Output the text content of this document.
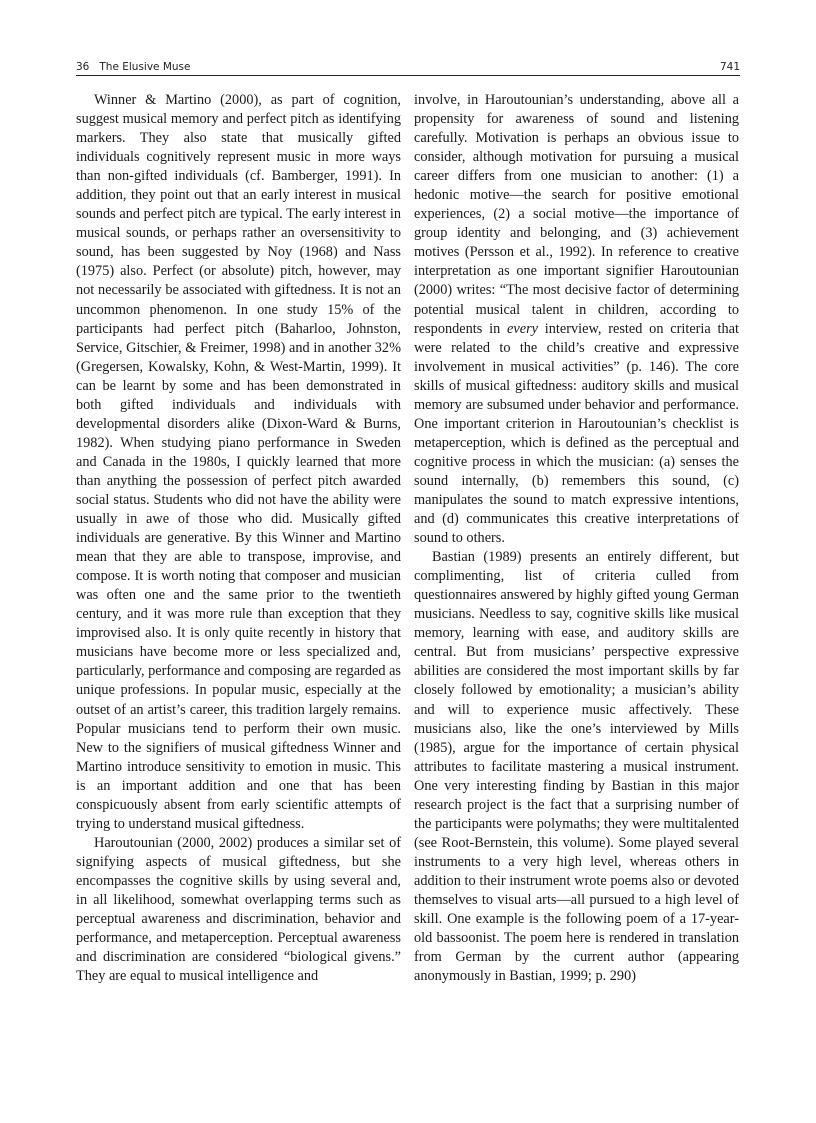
36 The Elusive Muse	741

Winner & Martino (2000), as part of cognition, suggest musical memory and perfect pitch as identifying markers. They also state that musically gifted individuals cognitively represent music in more ways than non-gifted individuals (cf. Bamberger, 1991). In addition, they point out that an early interest in musical sounds and perfect pitch are typical. The early interest in musical sounds, or perhaps rather an oversensitivity to sound, has been suggested by Noy (1968) and Nass (1975) also. Perfect (or absolute) pitch, however, may not necessarily be associated with giftedness. It is not an uncommon phenomenon. In one study 15% of the participants had perfect pitch (Baharloo, Johnston, Service, Gitschier, & Freimer, 1998) and in another 32% (Gregersen, Kowalsky, Kohn, & West-Martin, 1999). It can be learnt by some and has been demonstrated in both gifted individuals and individuals with developmental disorders alike (Dixon-Ward & Burns, 1982). When studying piano performance in Sweden and Canada in the 1980s, I quickly learned that more than anything the possession of perfect pitch awarded social status. Students who did not have the ability were usually in awe of those who did. Musically gifted individuals are generative. By this Winner and Martino mean that they are able to transpose, improvise, and compose. It is worth noting that composer and musician was often one and the same prior to the twentieth century, and it was more rule than exception that they improvised also. It is only quite recently in history that musicians have become more or less specialized and, particularly, performance and composing are regarded as unique professions. In popular music, especially at the outset of an artist’s career, this tradition largely remains. Popular musicians tend to perform their own music. New to the signifiers of musical giftedness Winner and Martino introduce sensitivity to emotion in music. This is an important addition and one that has been conspicuously absent from early scientific attempts of trying to understand musical giftedness.

Haroutounian (2000, 2002) produces a similar set of signifying aspects of musical giftedness, but she encompasses the cognitive skills by using several and, in all likelihood, somewhat overlapping terms such as perceptual awareness and discrimination, behavior and performance, and metaperception. Perceptual awareness and discrimination are considered “biological givens.” They are equal to musical intelligence and

involve, in Haroutounian’s understanding, above all a propensity for awareness of sound and listening carefully. Motivation is perhaps an obvious issue to consider, although motivation for pursuing a musical career differs from one musician to another: (1) a hedonic motive—the search for positive emotional experiences, (2) a social motive—the importance of group identity and belonging, and (3) achievement motives (Persson et al., 1992). In reference to creative interpretation as one important signifier Haroutounian (2000) writes: “The most decisive factor of determining potential musical talent in children, according to respondents in every interview, rested on criteria that were related to the child’s creative and expressive involvement in musical activities” (p. 146). The core skills of musical giftedness: auditory skills and musical memory are subsumed under behavior and performance. One important criterion in Haroutounian’s checklist is metaperception, which is defined as the perceptual and cognitive process in which the musician: (a) senses the sound internally, (b) remembers this sound, (c) manipulates the sound to match expressive intentions, and (d) communicates this creative interpretations of sound to others.

Bastian (1989) presents an entirely different, but complimenting, list of criteria culled from questionnaires answered by highly gifted young German musicians. Needless to say, cognitive skills like musical memory, learning with ease, and auditory skills are central. But from musicians’ perspective expressive abilities are considered the most important skills by far closely followed by emotionality; a musician’s ability and will to experience music affectively. These musicians also, like the one’s interviewed by Mills (1985), argue for the importance of certain physical attributes to facilitate mastering a musical instrument. One very interesting finding by Bastian in this major research project is the fact that a surprising number of the participants were polymaths; they were multitalented (see Root-Bernstein, this volume). Some played several instruments to a very high level, whereas others in addition to their instrument wrote poems also or devoted themselves to visual arts—all pursued to a high level of skill. One example is the following poem of a 17-year-old bassoonist. The poem here is rendered in translation from German by the current author (appearing anonymously in Bastian, 1999; p. 290)
